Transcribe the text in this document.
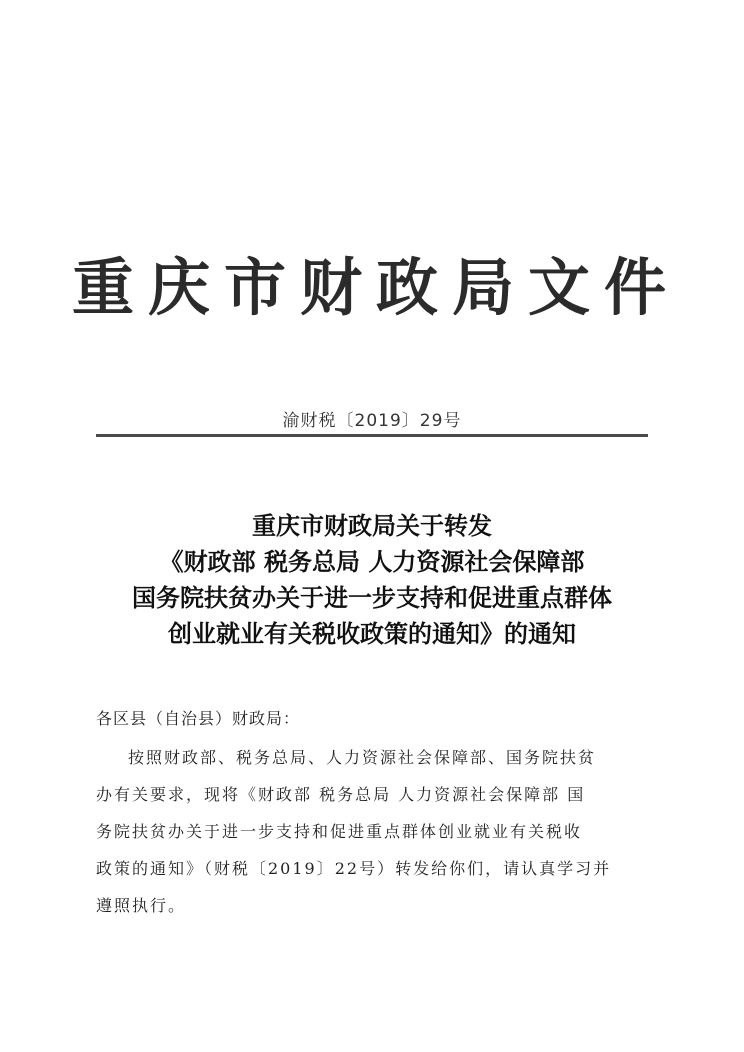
重庆市财政局文件
渝财税〔2019〕29号
重庆市财政局关于转发
《财政部 税务总局 人力资源社会保障部
国务院扶贫办关于进一步支持和促进重点群体
创业就业有关税收政策的通知》的通知
各区县（自治县）财政局：
按照财政部、税务总局、人力资源社会保障部、国务院扶贫
办有关要求，现将《财政部 税务总局 人力资源社会保障部 国
务院扶贫办关于进一步支持和促进重点群体创业就业有关税收
政策的通知》（财税〔2019〕22号）转发给你们，请认真学习并
遵照执行。
